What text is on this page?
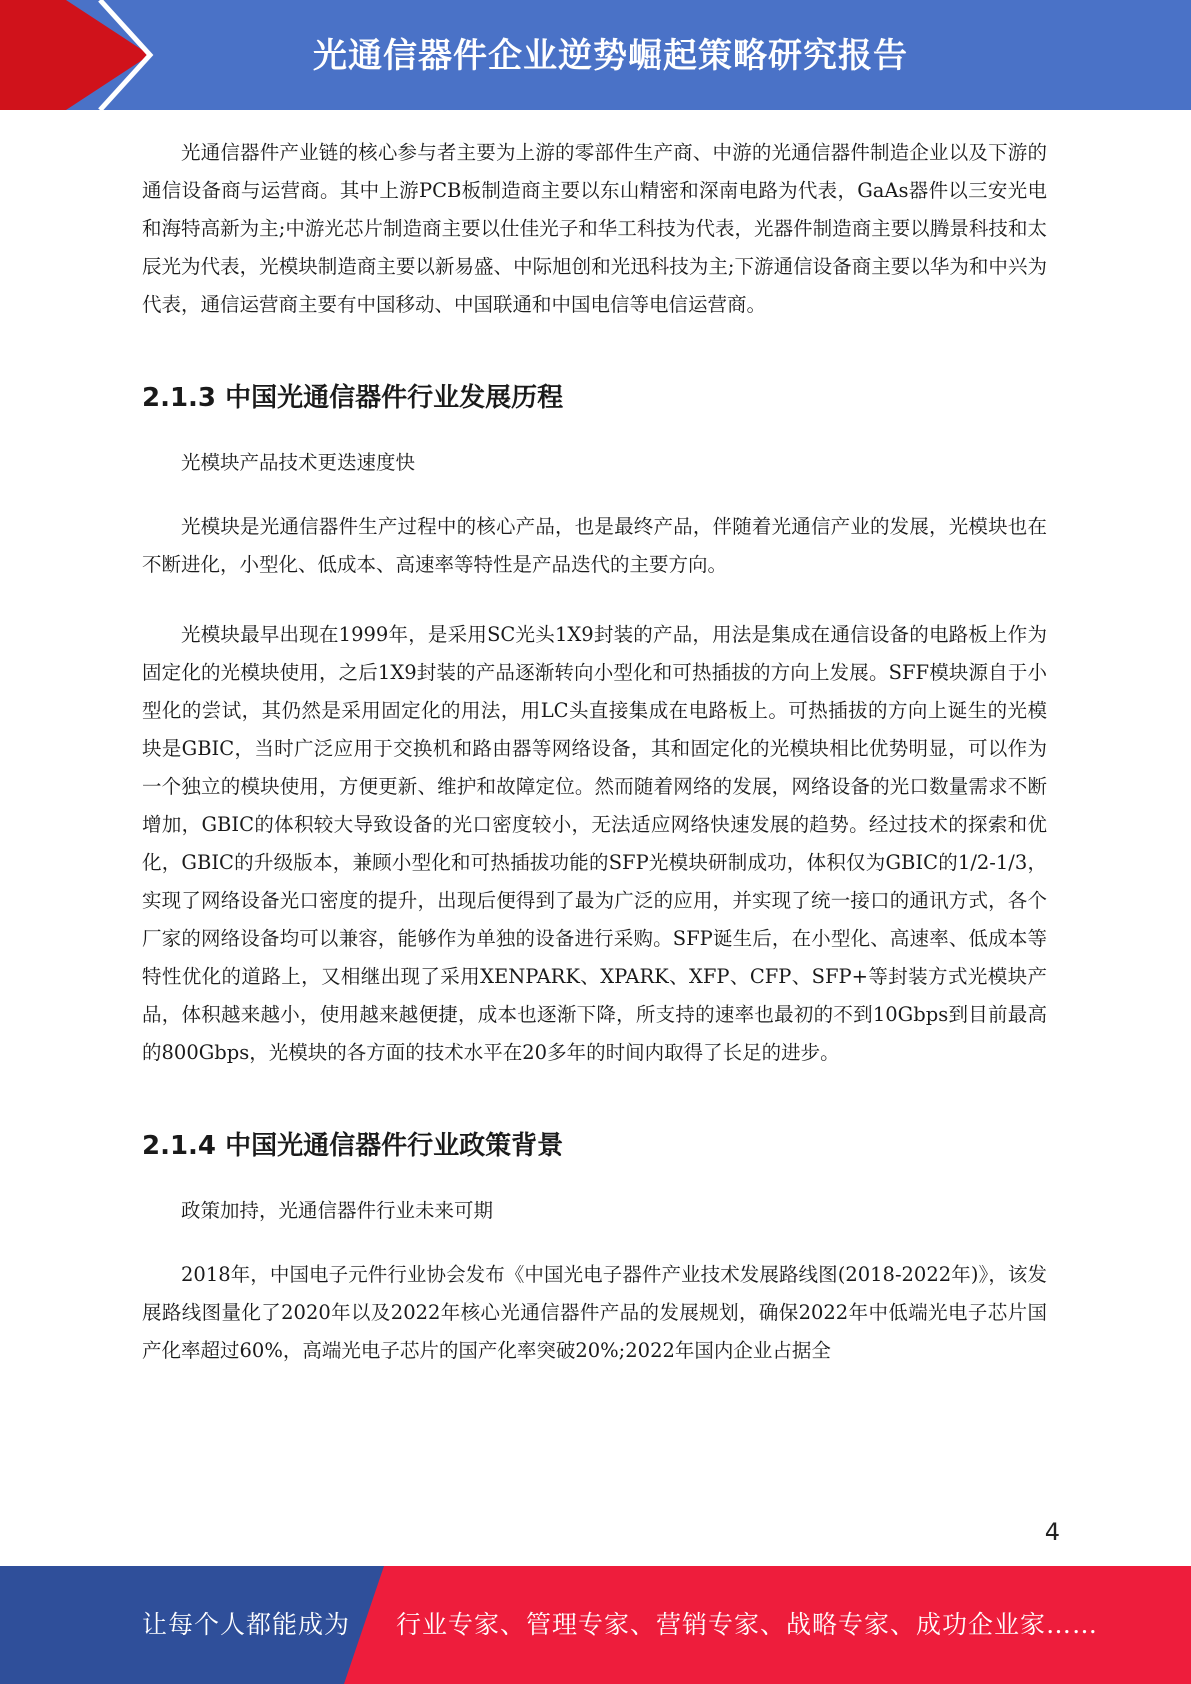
光通信器件企业逆势崛起策略研究报告

光通信器件产业链的核心参与者主要为上游的零部件生产商、中游的光通信器件制造企业以及下游的通信设备商与运营商。其中上游PCB板制造商主要以东山精密和深南电路为代表，GaAs器件以三安光电和海特高新为主;中游光芯片制造商主要以仕佳光子和华工科技为代表，光器件制造商主要以腾景科技和太辰光为代表，光模块制造商主要以新易盛、中际旭创和光迅科技为主;下游通信设备商主要以华为和中兴为代表，通信运营商主要有中国移动、中国联通和中国电信等电信运营商。

2.1.3 中国光通信器件行业发展历程

光模块产品技术更迭速度快

光模块是光通信器件生产过程中的核心产品，也是最终产品，伴随着光通信产业的发展，光模块也在不断进化，小型化、低成本、高速率等特性是产品迭代的主要方向。

光模块最早出现在1999年，是采用SC光头1X9封装的产品，用法是集成在通信设备的电路板上作为固定化的光模块使用，之后1X9封装的产品逐渐转向小型化和可热插拔的方向上发展。SFF模块源自于小型化的尝试，其仍然是采用固定化的用法，用LC头直接集成在电路板上。可热插拔的方向上诞生的光模块是GBIC，当时广泛应用于交换机和路由器等网络设备，其和固定化的光模块相比优势明显，可以作为一个独立的模块使用，方便更新、维护和故障定位。然而随着网络的发展，网络设备的光口数量需求不断增加，GBIC的体积较大导致设备的光口密度较小，无法适应网络快速发展的趋势。经过技术的探索和优化，GBIC的升级版本，兼顾小型化和可热插拔功能的SFP光模块研制成功，体积仅为GBIC的1/2-1/3，实现了网络设备光口密度的提升，出现后便得到了最为广泛的应用，并实现了统一接口的通讯方式，各个厂家的网络设备均可以兼容，能够作为单独的设备进行采购。SFP诞生后，在小型化、高速率、低成本等特性优化的道路上，又相继出现了采用XENPARK、XPARK、XFP、CFP、SFP+等封装方式光模块产品，体积越来越小，使用越来越便捷，成本也逐渐下降，所支持的速率也最初的不到10Gbps到目前最高的800Gbps，光模块的各方面的技术水平在20多年的时间内取得了长足的进步。

2.1.4 中国光通信器件行业政策背景

政策加持，光通信器件行业未来可期

2018年，中国电子元件行业协会发布《中国光电子器件产业技术发展路线图(2018-2022年)》，该发展路线图量化了2020年以及2022年核心光通信器件产品的发展规划，确保2022年中低端光电子芯片国产化率超过60%，高端光电子芯片的国产化率突破20%;2022年国内企业占据全

4
让每个人都能成为 行业专家、管理专家、营销专家、战略专家、成功企业家……
